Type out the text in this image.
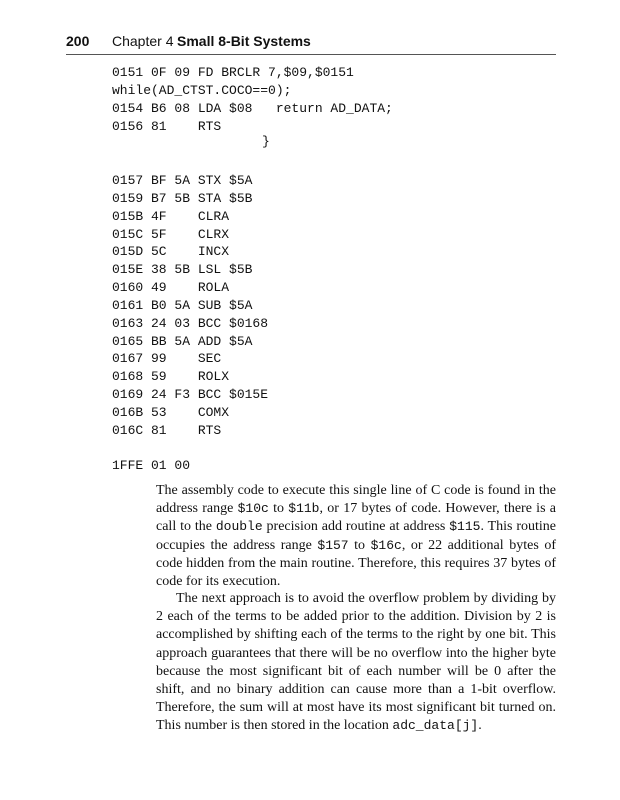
200 Chapter 4 Small 8-Bit Systems
0151 0F 09 FD BRCLR 7,$09,$0151
while(AD_CTST.COCO==0);
0154 B6 08 LDA $08   return AD_DATA;
0156 81    RTS
}
0157 BF 5A STX $5A
0159 B7 5B STA $5B
015B 4F    CLRA
015C 5F    CLRX
015D 5C    INCX
015E 38 5B LSL $5B
0160 49    ROLA
0161 B0 5A SUB $5A
0163 24 03 BCC $0168
0165 BB 5A ADD $5A
0167 99    SEC
0168 59    ROLX
0169 24 F3 BCC $015E
016B 53    COMX
016C 81    RTS
1FFE 01 00

The assembly code to execute this single line of C code is found in the address range $10c to $11b, or 17 bytes of code. However, there is a call to the double precision add routine at address $115. This routine occupies the address range $157 to $16c, or 22 additional bytes of code hidden from the main routine. Therefore, this requires 37 bytes of code for its execution.

The next approach is to avoid the overflow problem by dividing by 2 each of the terms to be added prior to the addition. Division by 2 is accomplished by shifting each of the terms to the right by one bit. This approach guarantees that there will be no overflow into the higher byte because the most significant bit of each number will be 0 after the shift, and no binary addition can cause more than a 1-bit overflow. Therefore, the sum will at most have its most significant bit turned on. This number is then stored in the location adc_data[j].
